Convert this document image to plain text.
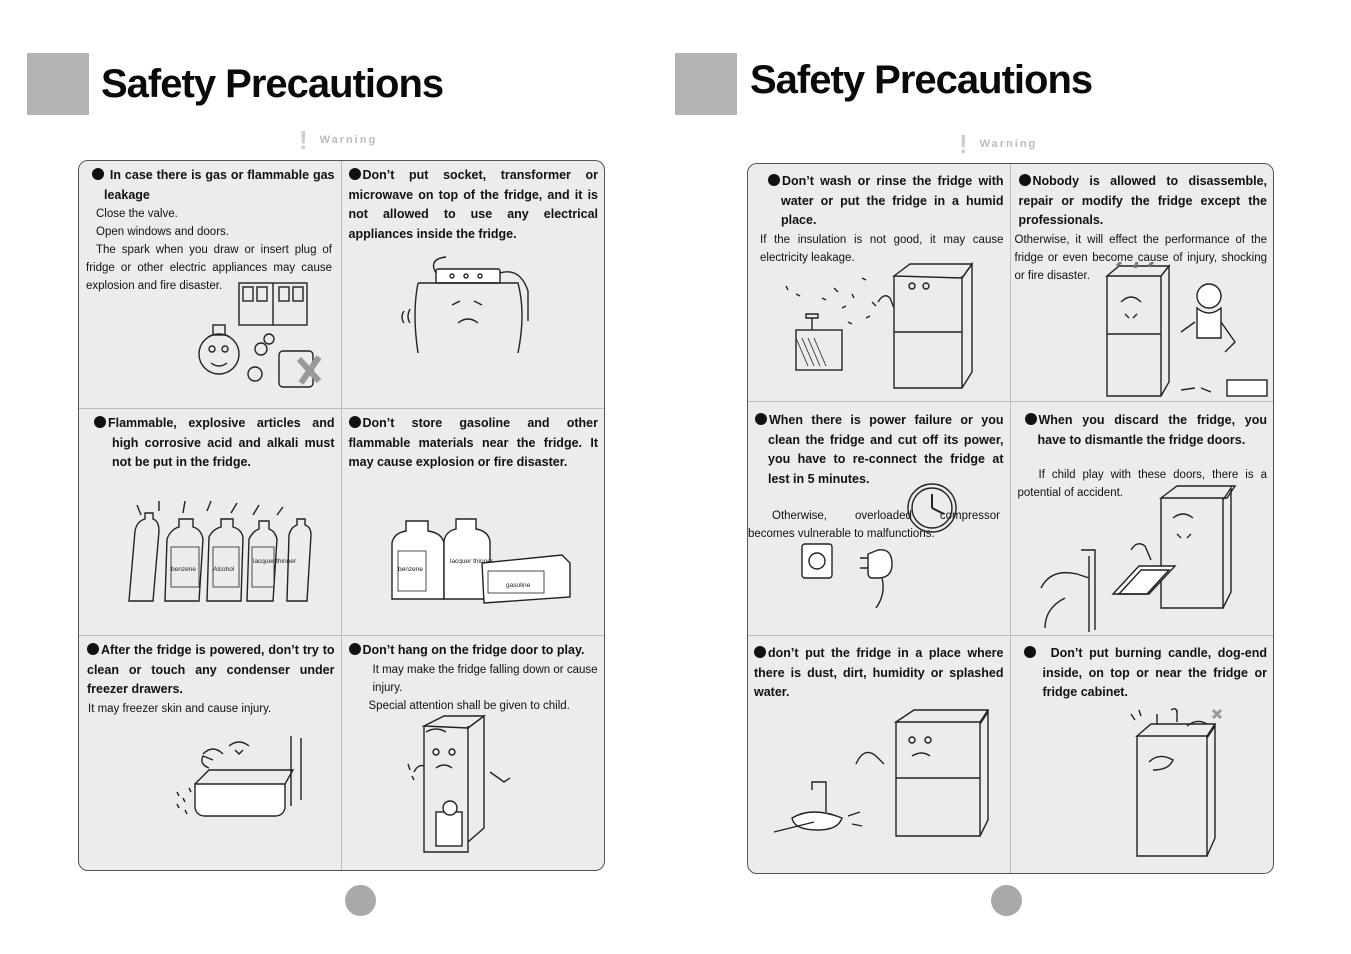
Safety Precautions
! Warning
In case there is gas or flammable gas leakage

Close the valve.

Open windows and doors.

The spark when you draw or insert plug of fridge or other electric appliances may cause explosion and fire disaster.

Don’t put socket, transformer or microwave on top of the fridge, and it is not allowed to use any electrical appliances inside the fridge.
Flammable, explosive articles and high corrosive acid and alkali must not be put in the fridge.
benzene	Alcohol
lacquer thinner
Don’t store gasoline and other flammable materials near the fridge. It may cause explosion or fire disaster.
benzene
lacquer thinner
gasoline
After the fridge is powered, don’t try to clean or touch any condenser under freezer drawers.

It may freezer skin and cause injury.

Don’t hang on the fridge door to play.

It may make the fridge falling down or cause injury.

Special attention shall be given to child.

Safety Precautions
! Warning
Don’t wash or rinse the fridge with water or put the fridge in a humid place.

If the insulation is not good, it may cause electricity leakage.

Nobody is allowed to disassemble, repair or modify the fridge except the professionals.

Otherwise, it will effect the performance of the fridge or even become cause of injury, shocking or fire disaster.

When there is power failure or you clean the fridge and cut off its power, you have to re-connect the fridge at lest in 5 minutes.

Otherwise, overloaded compressor becomes vulnerable to malfunctions.

When you discard the fridge, you have to dismantle the fridge doors.

If child play with these doors, there is a potential of accident.

don’t put the fridge in a place where there is dust, dirt, humidity or splashed water.
Don’t put burning candle, dog-end inside, on top or near the fridge or fridge cabinet.
